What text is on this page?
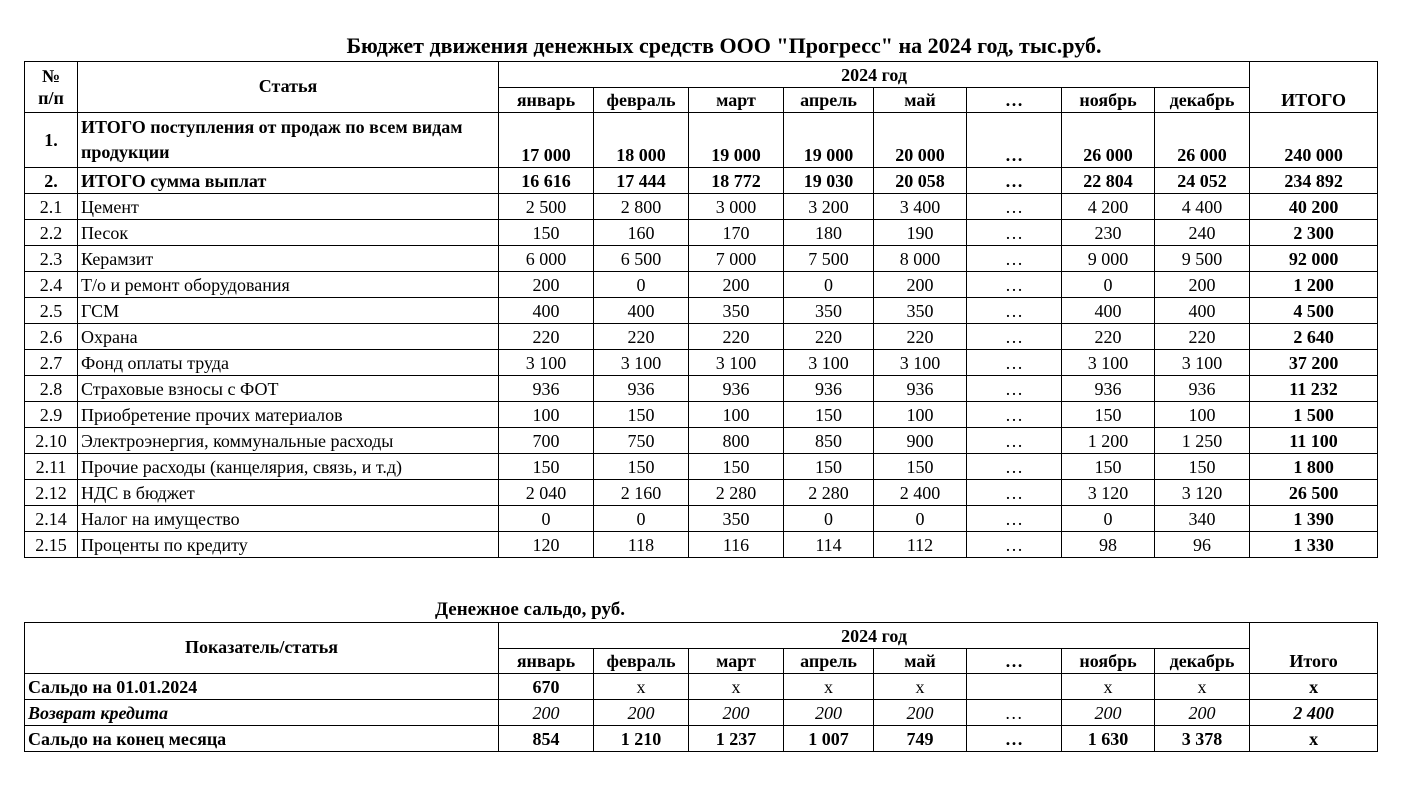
Бюджет движения денежных средств ООО "Прогресс" на 2024 год, тыс.руб.
№
п/п	Статья	2024 год								ИТОГО
		январь	февраль	март	апрель	май	…	ноябрь	декабрь	
1.	ИТОГО поступления от продаж по всем видам продукции	17 000	18 000	19 000	19 000	20 000	…	26 000	26 000	240 000
2.	ИТОГО сумма выплат	16 616	17 444	18 772	19 030	20 058	…	22 804	24 052	234 892
2.1	Цемент	2 500	2 800	3 000	3 200	3 400	…	4 200	4 400	40 200
2.2	Песок	150	160	170	180	190	…	230	240	2 300
2.3	Керамзит	6 000	6 500	7 000	7 500	8 000	…	9 000	9 500	92 000
2.4	Т/о и ремонт оборудования	200	0	200	0	200	…	0	200	1 200
2.5	ГСМ	400	400	350	350	350	…	400	400	4 500
2.6	Охрана	220	220	220	220	220	…	220	220	2 640
2.7	Фонд оплаты труда	3 100	3 100	3 100	3 100	3 100	…	3 100	3 100	37 200
2.8	Страховые взносы с ФОТ	936	936	936	936	936	…	936	936	11 232
2.9	Приобретение прочих материалов	100	150	100	150	100	…	150	100	1 500
2.10	Электроэнергия, коммунальные расходы	700	750	800	850	900	…	1 200	1 250	11 100
2.11	Прочие расходы (канцелярия, связь, и т.д)	150	150	150	150	150	…	150	150	1 800
2.12	НДС в бюджет	2 040	2 160	2 280	2 280	2 400	…	3 120	3 120	26 500
2.14	Налог на имущество	0	0	350	0	0	…	0	340	1 390
2.15	Проценты по кредиту	120	118	116	114	112	…	98	96	1 330
Денежное сальдо, руб.
Показатель/статья	2024 год								Итого
	январь	февраль	март	апрель	май	…	ноябрь	декабрь	
Сальдо на 01.01.2024	670	х	х	х	х		х	х	х
Возврат кредита	200	200	200	200	200	…	200	200	2 400
Сальдо на конец месяца	854	1 210	1 237	1 007	749	…	1 630	3 378	х
